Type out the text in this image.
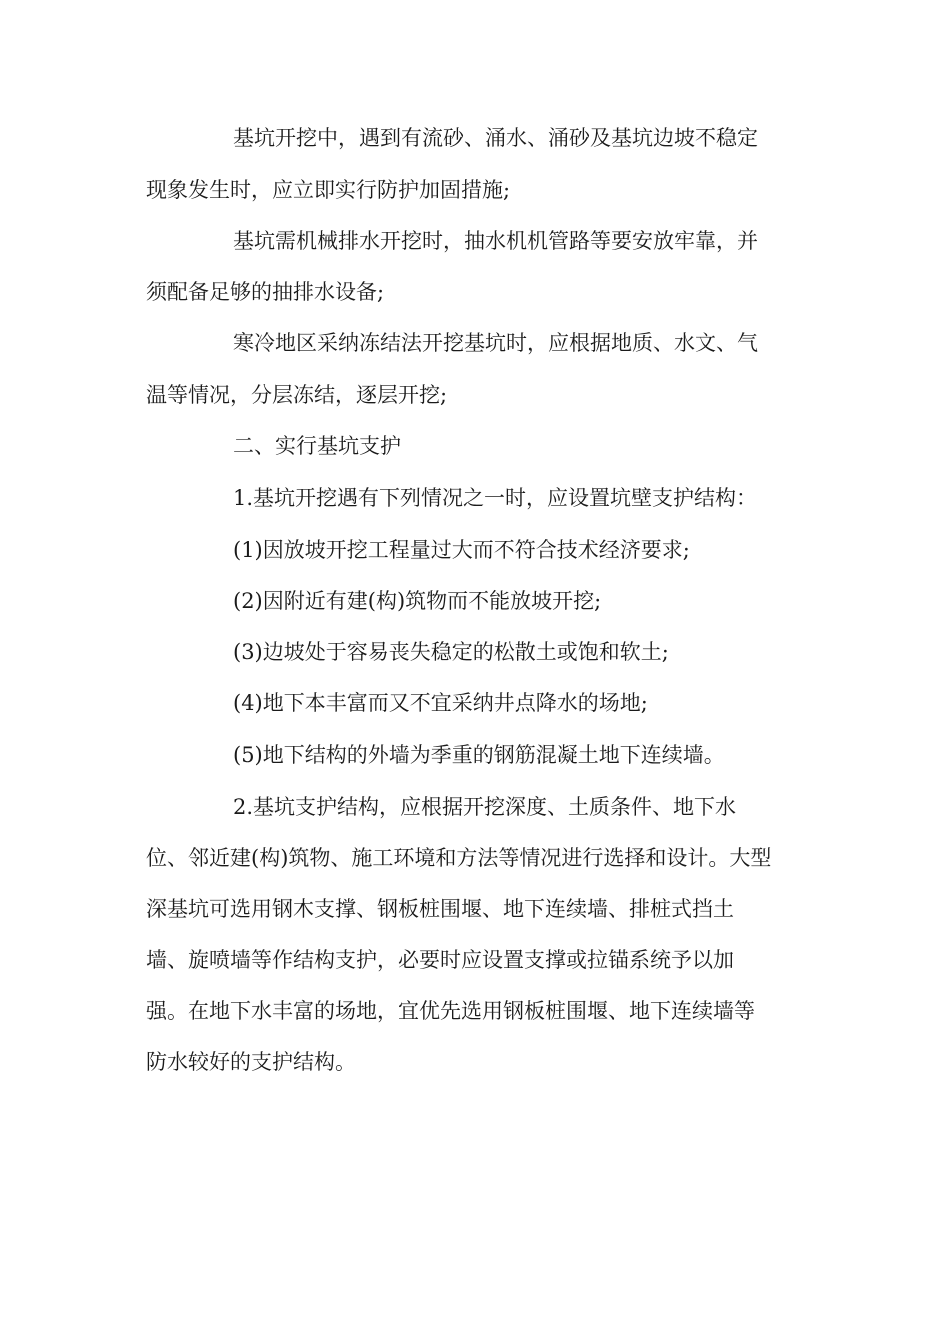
基坑开挖中，遇到有流砂、涌水、涌砂及基坑边坡不稳定
现象发生时，应立即实行防护加固措施;
基坑需机械排水开挖时，抽水机机管路等要安放牢靠，并
须配备足够的抽排水设备;
寒冷地区采纳冻结法开挖基坑时，应根据地质、水文、气
温等情况，分层冻结，逐层开挖;
二、实行基坑支护
1.基坑开挖遇有下列情况之一时，应设置坑壁支护结构：
(1)因放坡开挖工程量过大而不符合技术经济要求;
(2)因附近有建(构)筑物而不能放坡开挖;
(3)边坡处于容易丧失稳定的松散土或饱和软土;
(4)地下本丰富而又不宜采纳井点降水的场地;
(5)地下结构的外墙为季重的钢筋混凝土地下连续墙。
2.基坑支护结构，应根据开挖深度、土质条件、地下水
位、邻近建(构)筑物、施工环境和方法等情况进行选择和设计。大型
深基坑可选用钢木支撑、钢板桩围堰、地下连续墙、排桩式挡土
墙、旋喷墙等作结构支护，必要时应设置支撑或拉锚系统予以加
强。在地下水丰富的场地，宜优先选用钢板桩围堰、地下连续墙等
防水较好的支护结构。
